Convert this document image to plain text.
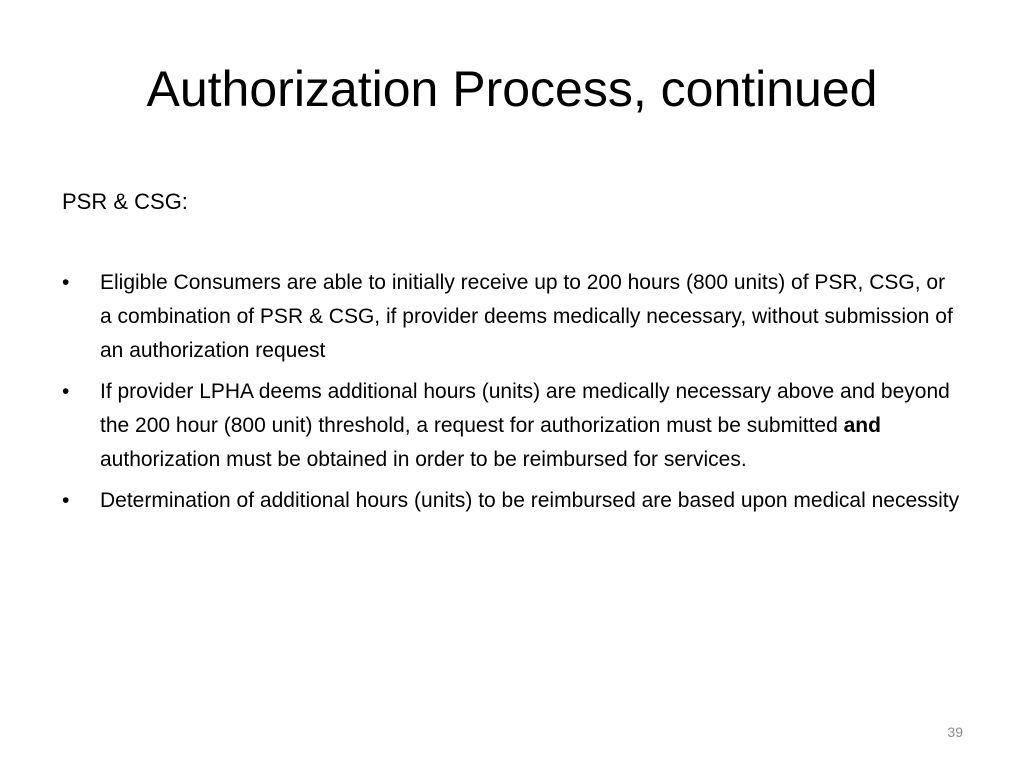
Authorization Process, continued

PSR & CSG:

• Eligible Consumers are able to initially receive up to 200 hours (800 units) of PSR, CSG, or a combination of PSR & CSG, if provider deems medically necessary, without submission of an authorization request
• If provider LPHA deems additional hours (units) are medically necessary above and beyond the 200 hour (800 unit) threshold, a request for authorization must be submitted and authorization must be obtained in order to be reimbursed for services.
• Determination of additional hours (units) to be reimbursed are based upon medical necessity
39
